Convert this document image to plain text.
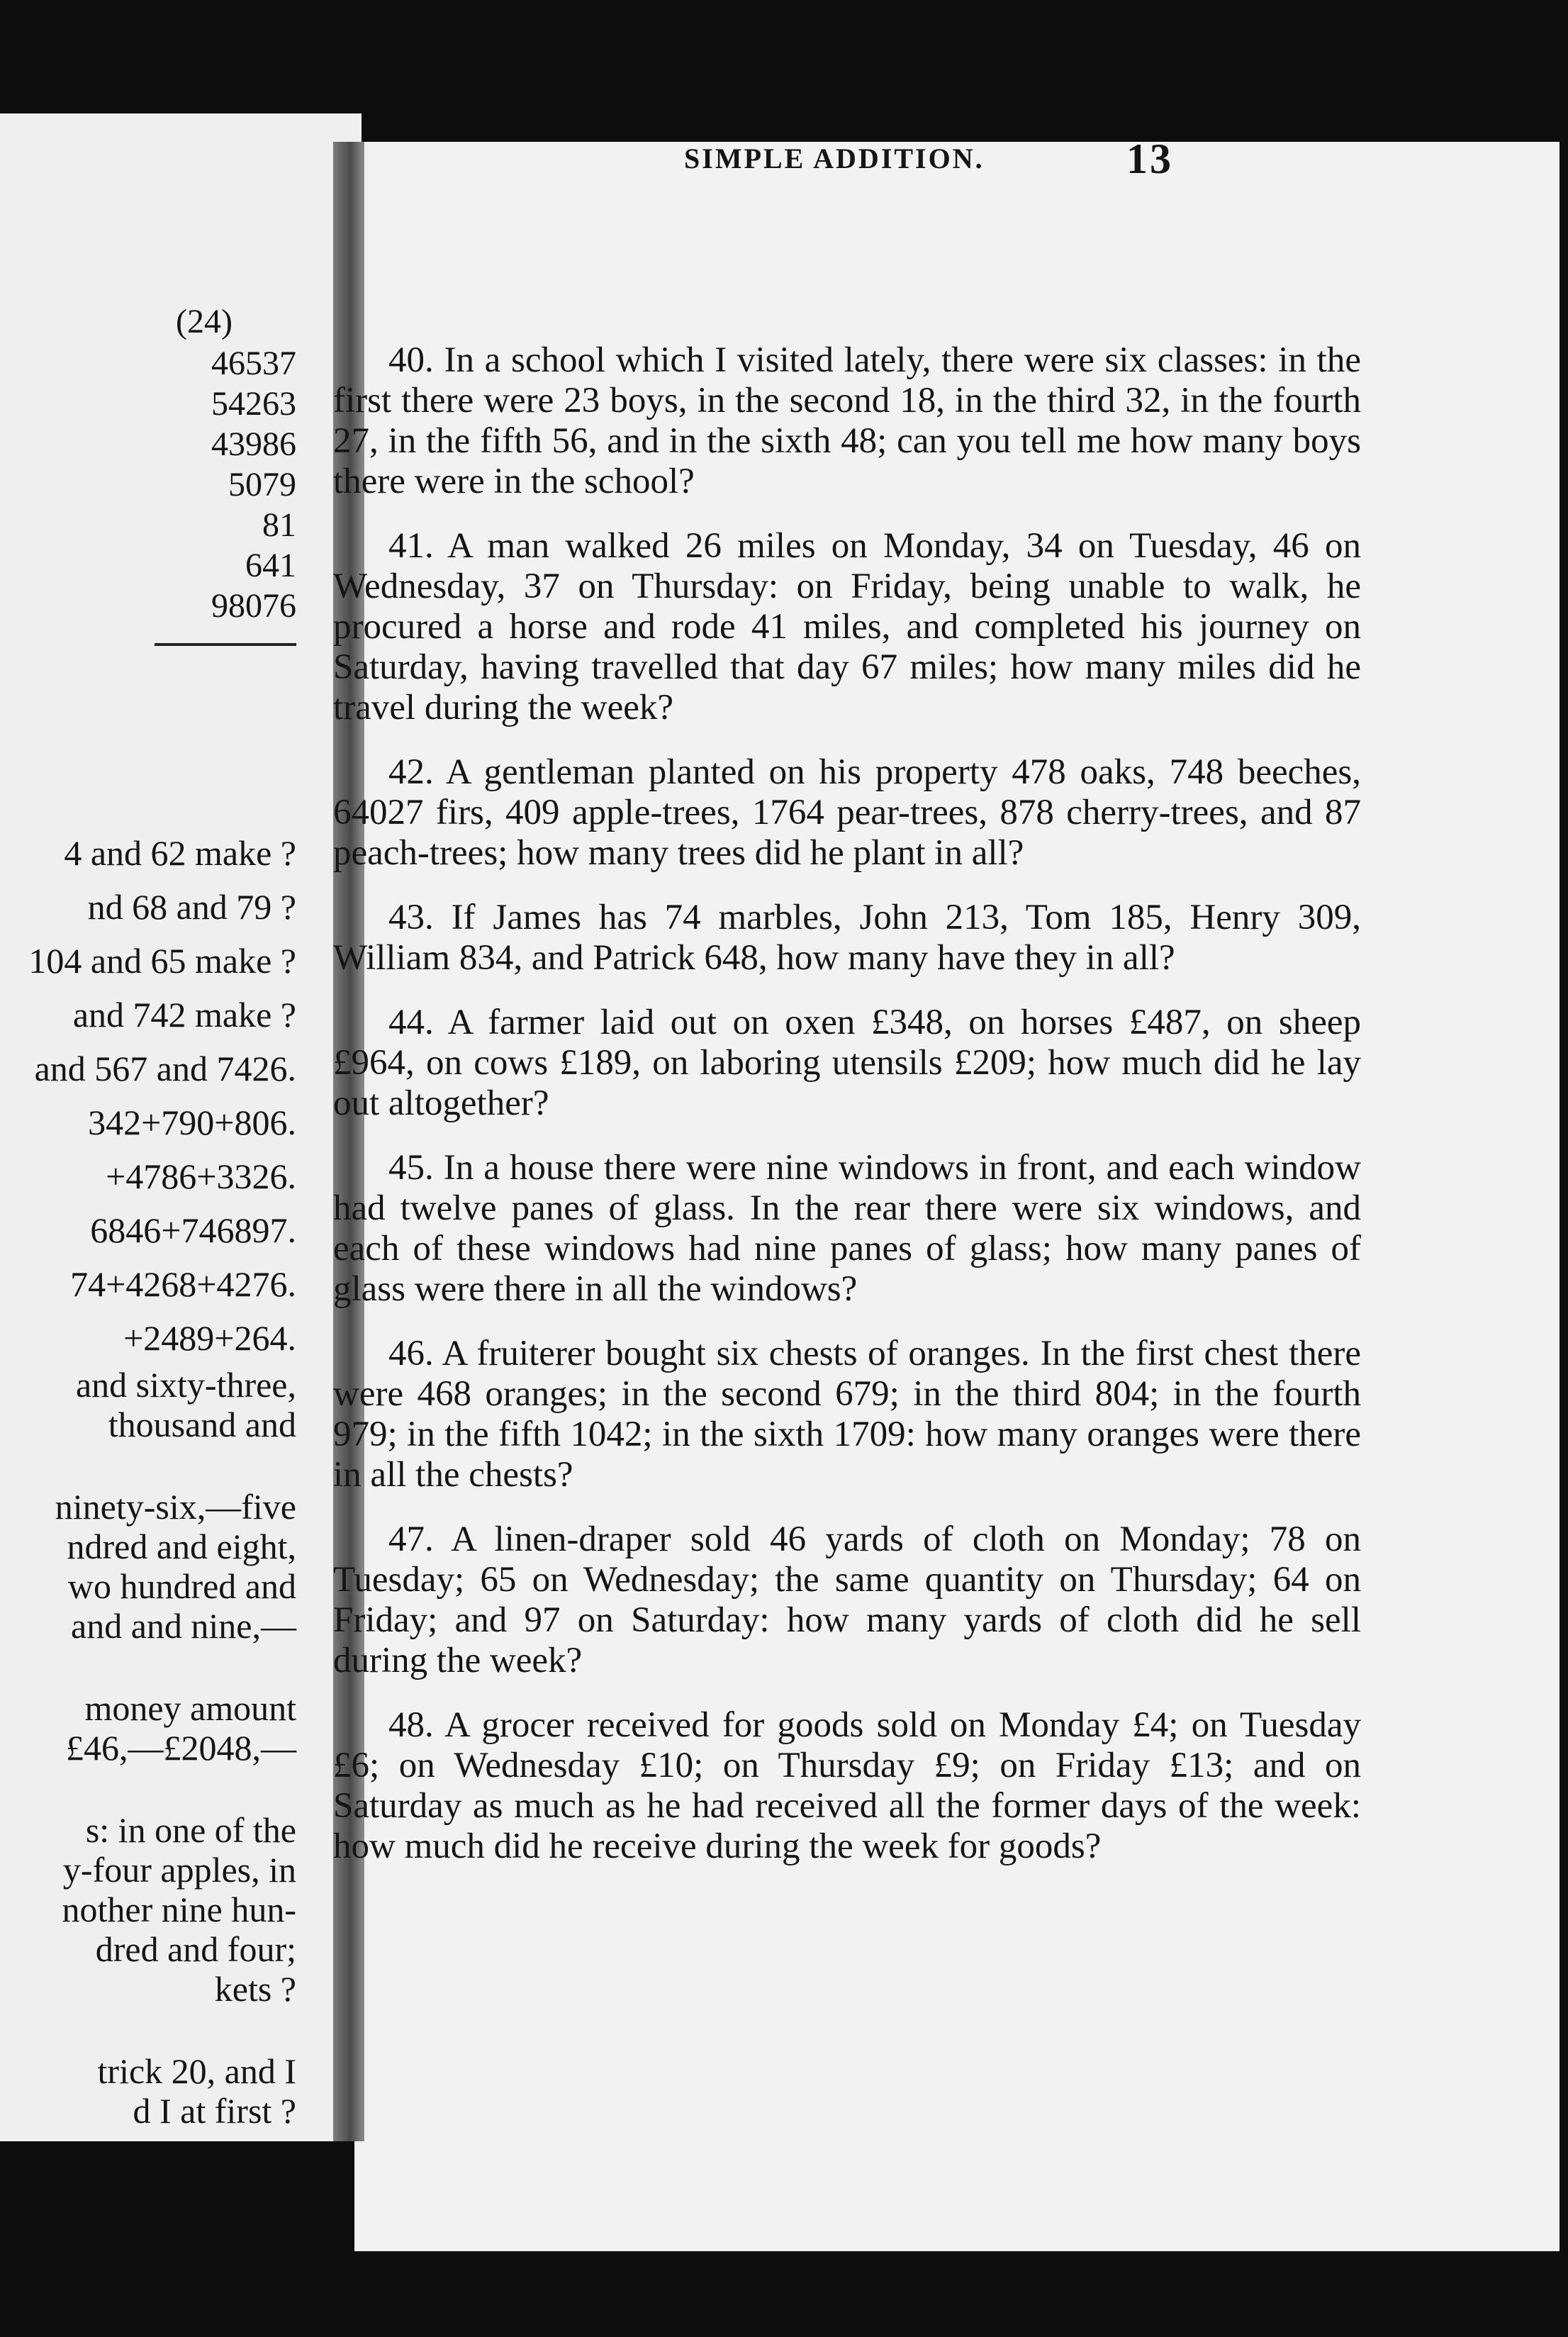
(24)
46537
54263
43986
5079
81
641
98076
4 and 62 make ?
nd 68 and 79 ?
104 and 65 make ?
and 742 make ?
and 567 and 7426.
342+790+806.
+4786+3326.
6846+746897.
74+4268+4276.
+2489+264.
and sixty-three,
thousand and
ninety-six,—five
ndred and eight,
wo hundred and
and and nine,—
money amount
£46,—£2048,—
s: in one of the
y-four apples, in
nother nine hun-
dred and four;
kets ?
trick 20, and I
d I at first ?
SIMPLE ADDITION.	13

40. In a school which I visited lately, there were six classes: in the first there were 23 boys, in the second 18, in the third 32, in the fourth 27, in the fifth 56, and in the sixth 48; can you tell me how many boys there were in the school?

41. A man walked 26 miles on Monday, 34 on Tuesday, 46 on Wednesday, 37 on Thursday: on Friday, being unable to walk, he procured a horse and rode 41 miles, and completed his journey on Saturday, having travelled that day 67 miles; how many miles did he travel during the week?

42. A gentleman planted on his property 478 oaks, 748 beeches, 64027 firs, 409 apple-trees, 1764 pear-trees, 878 cherry-trees, and 87 peach-trees; how many trees did he plant in all?

43. If James has 74 marbles, John 213, Tom 185, Henry 309, William 834, and Patrick 648, how many have they in all?

44. A farmer laid out on oxen £348, on horses £487, on sheep £964, on cows £189, on laboring utensils £209; how much did he lay out altogether?

45. In a house there were nine windows in front, and each window had twelve panes of glass. In the rear there were six windows, and each of these windows had nine panes of glass; how many panes of glass were there in all the windows?

46. A fruiterer bought six chests of oranges. In the first chest there were 468 oranges; in the second 679; in the third 804; in the fourth 979; in the fifth 1042; in the sixth 1709: how many oranges were there in all the chests?

47. A linen-draper sold 46 yards of cloth on Monday; 78 on Tuesday; 65 on Wednesday; the same quantity on Thursday; 64 on Friday; and 97 on Saturday: how many yards of cloth did he sell during the week?

48. A grocer received for goods sold on Monday £4; on Tuesday £6; on Wednesday £10; on Thursday £9; on Friday £13; and on Saturday as much as he had received all the former days of the week: how much did he receive during the week for goods?
